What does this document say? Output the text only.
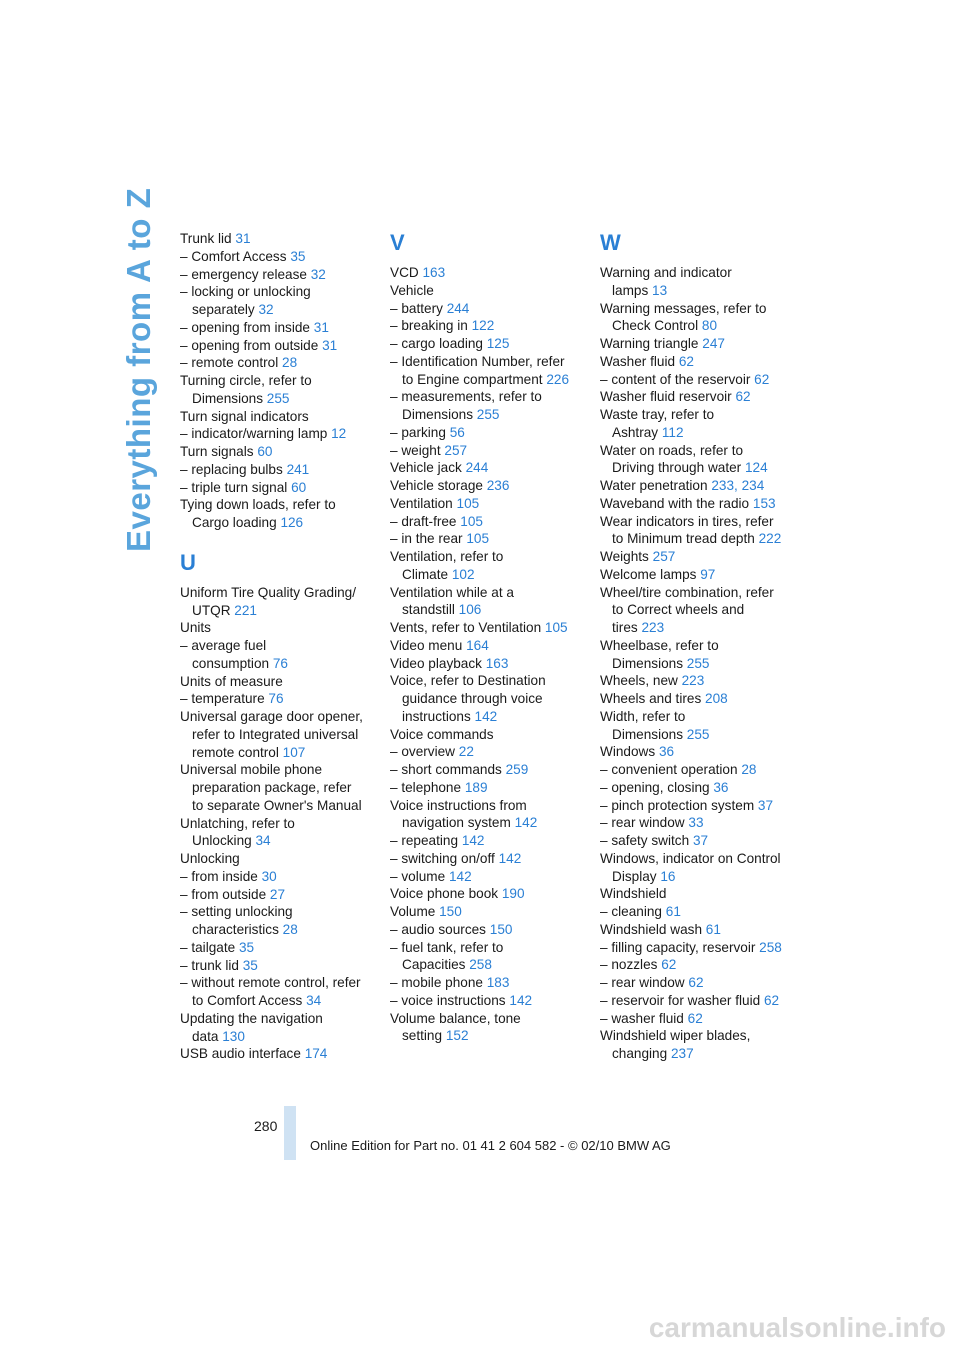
Everything from A to Z Trunk lid 31
– Comfort Access 35
– emergency release 32
– locking or unlocking
separately 32
– opening from inside 31
– opening from outside 31
– remote control 28
Turning circle, refer to
Dimensions 255
Turn signal indicators
– indicator/warning lamp 12
Turn signals 60
– replacing bulbs 241
– triple turn signal 60
Tying down loads, refer to
Cargo loading 126
U
Uniform Tire Quality Grading/
UTQR 221
Units
– average fuel
consumption 76
Units of measure
– temperature 76
Universal garage door opener,
refer to Integrated universal
remote control 107
Universal mobile phone
preparation package, refer
to separate Owner's Manual
Unlatching, refer to
Unlocking 34
Unlocking
– from inside 30
– from outside 27
– setting unlocking
characteristics 28
– tailgate 35
– trunk lid 35
– without remote control, refer
to Comfort Access 34
Updating the navigation
data 130
USB audio interface 174
V
VCD 163
Vehicle
– battery 244
– breaking in 122
– cargo loading 125
– Identification Number, refer
to Engine compartment 226
– measurements, refer to
Dimensions 255
– parking 56
– weight 257
Vehicle jack 244
Vehicle storage 236
Ventilation 105
– draft-free 105
– in the rear 105
Ventilation, refer to
Climate 102
Ventilation while at a
standstill 106
Vents, refer to Ventilation 105
Video menu 164
Video playback 163
Voice, refer to Destination
guidance through voice
instructions 142
Voice commands
– overview 22
– short commands 259
– telephone 189
Voice instructions from
navigation system 142
– repeating 142
– switching on/off 142
– volume 142
Voice phone book 190
Volume 150
– audio sources 150
– fuel tank, refer to
Capacities 258
– mobile phone 183
– voice instructions 142
Volume balance, tone
setting 152
W
Warning and indicator
lamps 13
Warning messages, refer to
Check Control 80
Warning triangle 247
Washer fluid 62
– content of the reservoir 62
Washer fluid reservoir 62
Waste tray, refer to
Ashtray 112
Water on roads, refer to
Driving through water 124
Water penetration 233, 234
Waveband with the radio 153
Wear indicators in tires, refer
to Minimum tread depth 222
Weights 257
Welcome lamps 97
Wheel/tire combination, refer
to Correct wheels and
tires 223
Wheelbase, refer to
Dimensions 255
Wheels, new 223
Wheels and tires 208
Width, refer to
Dimensions 255
Windows 36
– convenient operation 28
– opening, closing 36
– pinch protection system 37
– rear window 33
– safety switch 37
Windows, indicator on Control
Display 16
Windshield
– cleaning 61
Windshield wash 61
– filling capacity, reservoir 258
– nozzles 62
– rear window 62
– reservoir for washer fluid 62
– washer fluid 62
Windshield wiper blades,
changing 237
280
Online Edition for Part no. 01 41 2 604 582 - © 02/10 BMW AG
carmanualsonline.info
